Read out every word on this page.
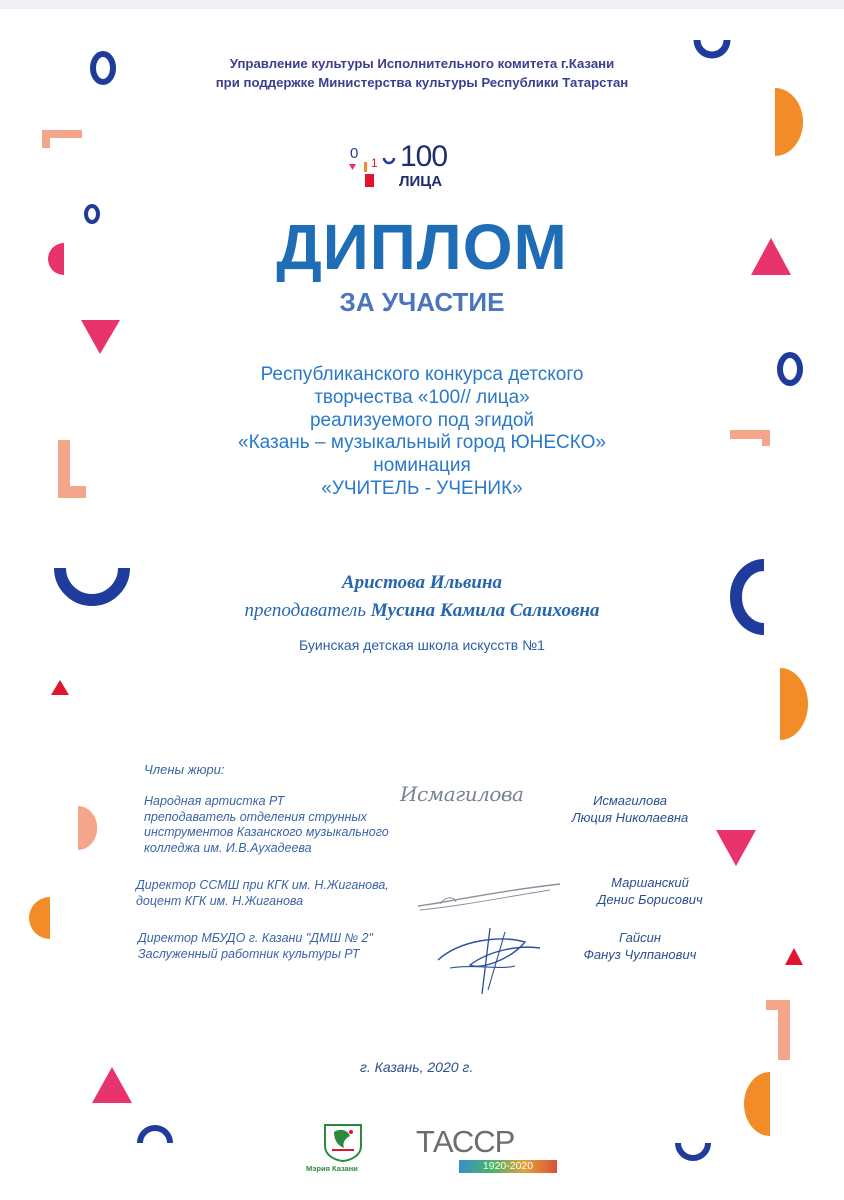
Управление культуры Исполнительного комитета г.Казани
при поддержке Министерства культуры Республики Татарстан
0
1 100
ЛИЦА
ДИПЛОМ
ЗА УЧАСТИЕ
Республиканского конкурса детского
творчества «100// лица»
реализуемого под эгидой
«Казань – музыкальный город ЮНЕСКО»
номинация
«УЧИТЕЛЬ - УЧЕНИК»
Аристова Ильвина
преподаватель Мусина Камила Салиховна
Буинская детская школа искусств №1
Члены жюри:
Народная артистка РТ
преподаватель отделения струнных
инструментов Казанского музыкального
колледжа им. И.В.Аухадеева
Исмагилова	Исмагилова
Люция Николаевна
Директор ССМШ при КГК им. Н.Жиганова,
доцент КГК им. Н.Жиганова
Маршанский
Денис Борисович
Директор МБУДО г. Казани "ДМШ № 2"
Заслуженный работник культуры РТ
Гайсин
Фануз Чулпанович
г. Казань, 2020 г.
Мэрия Казани
ТАССР
1920-2020
